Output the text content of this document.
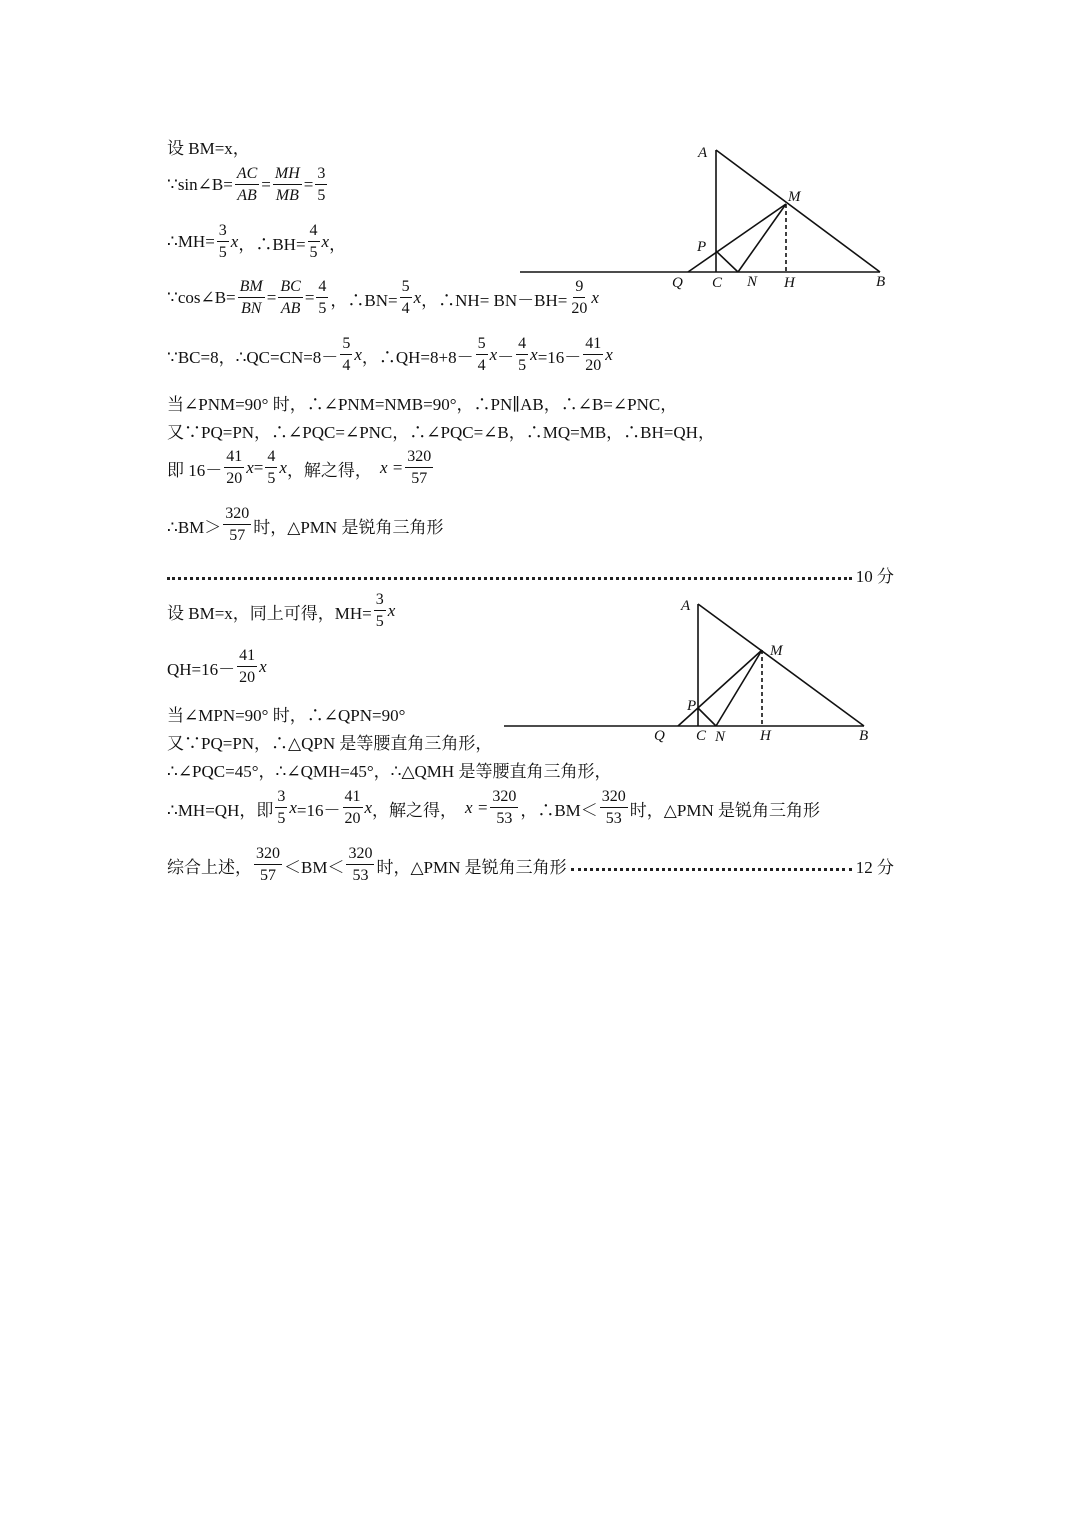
设 BM=x，
∵sin∠B= $\frac{AC}{AB} = \frac{MH}{MB} = \frac{3}{5}$
∴MH= $\frac{3}{5}$ x ，∴BH= $\frac{4}{5}$ x ，
∵cos∠B= $\frac{BM}{BN} = \frac{BC}{AB} = \frac{4}{5}$ ，∴BN= $\frac{5}{4}$ x ，∴NH= $BN-BH= \frac{9}{20}$ x
∵BC=8，∴QC=CN=8－ $\frac{5}{4}$ x ，∴QH=8+8－ $\frac{5}{4}$ $x - \frac{4}{5}$ $x =16- \frac{41}{20}$ x
当∠PNM=90° 时，∴∠PNM=NMB=90°，∴PN∥AB，∴∠B=∠PNC，
又∵PQ=PN，∴∠PQC=∠PNC，∴∠PQC=∠B，∴MQ=MB，∴BH=QH，
即 $16- \frac{41}{20}$ $x = \frac{4}{5}$ x ，解之得， $x = \frac{320}{57}$
∴BM＞ $\frac{320}{57}$ 时，△PMN 是锐角三角形
10 分
A
M
P
Q C N H	B
设 BM=x，同上可得，$MH= \frac{3}{5}$ x
$QH=16- \frac{41}{20}$ x
当∠MPN=90° 时，∴∠QPN=90°
又∵PQ=PN，∴△QPN 是等腰直角三角形，
∴∠PQC=45°，∴∠QMH=45°，∴△QMH 是等腰直角三角形，
∴MH=QH，即 $\frac{3}{5}$ $x =16- \frac{41}{20}$ x ，解之得， $x = \frac{320}{53}$ ，∴BM＜ $\frac{320}{53}$ 时，△PMN 是锐角三角形
综合上述， $\frac{320}{57} <BM< \frac{320}{53}$ 时，△PMN 是锐角三角形	12 分
A
M
P
Q C N H	B
